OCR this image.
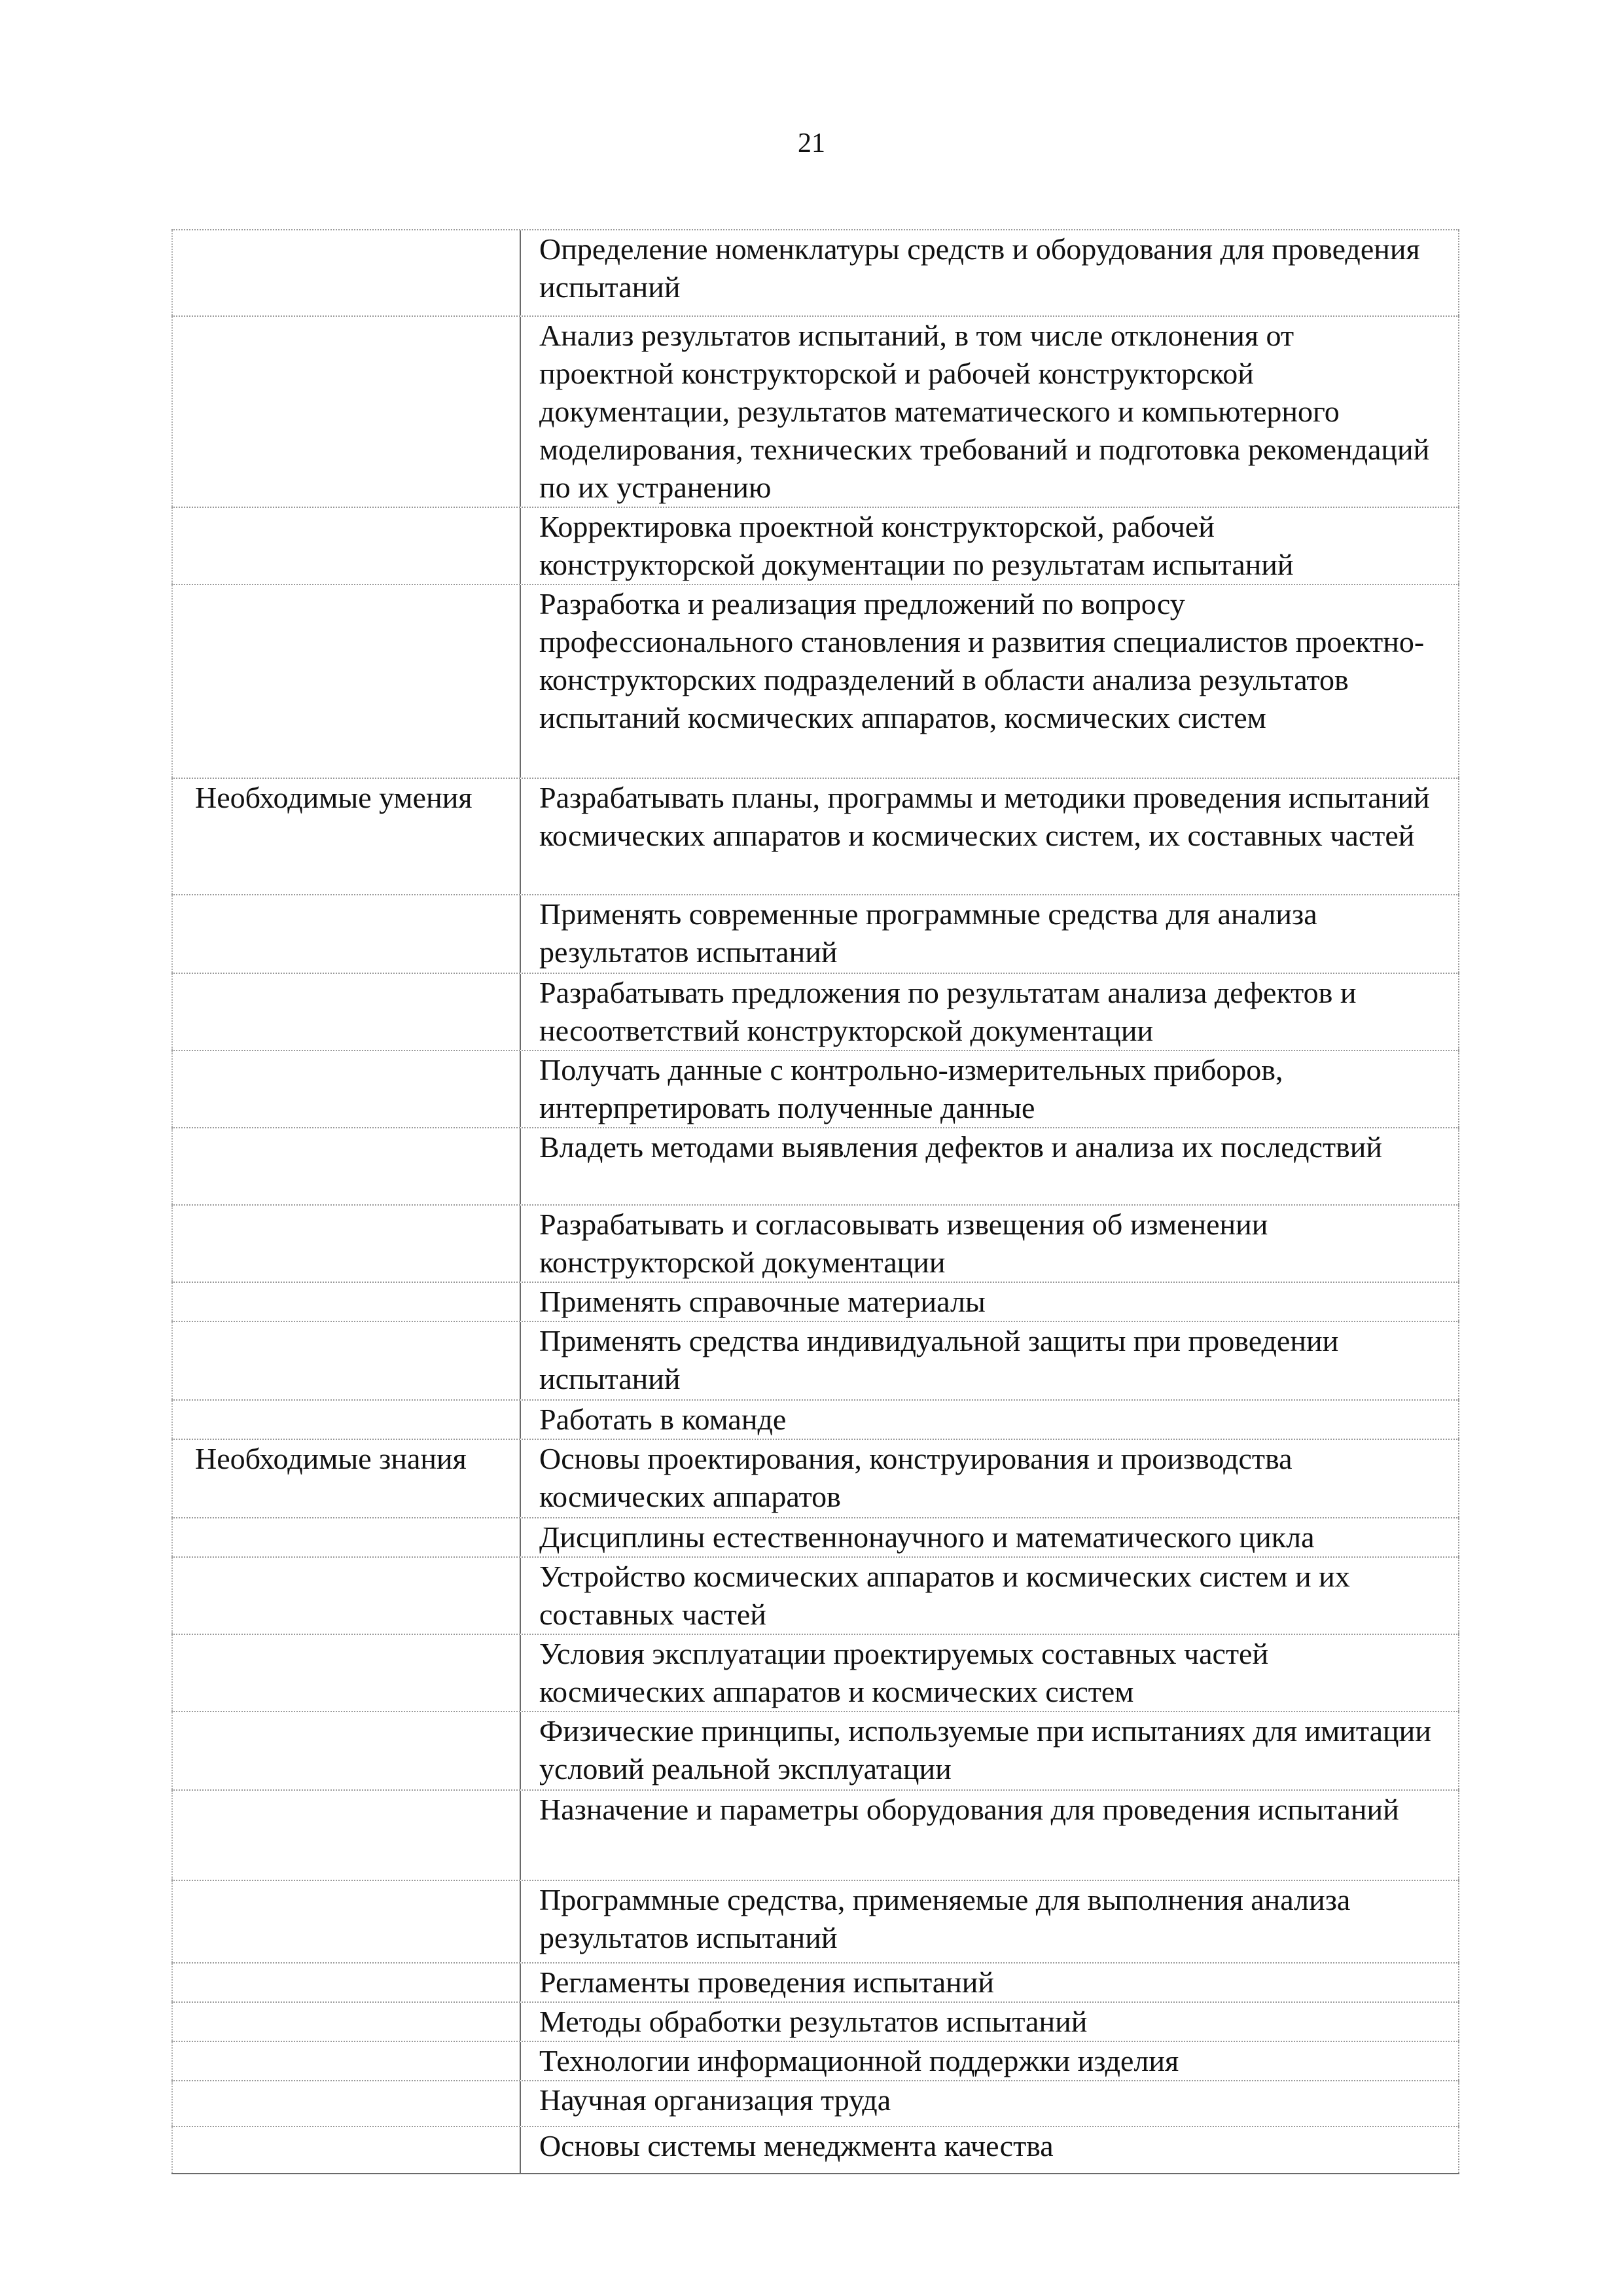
21
Определение номенклатуры средств и оборудования для проведения испытаний
Анализ результатов испытаний, в том числе отклонения от проектной конструкторской и рабочей конструкторской документации, результатов математического и компьютерного моделирования, технических требований и подготовка рекомендаций по их устранению
Корректировка проектной конструкторской, рабочей конструкторской документации по результатам испытаний
Разработка и реализация предложений по вопросу профессионального становления и развития специалистов проектно-конструкторских подразделений в области анализа результатов испытаний космических аппаратов, космических систем
Необходимые умения	Разрабатывать планы, программы и методики проведения испытаний космических аппаратов и космических систем, их составных частей
Применять современные программные средства для анализа результатов испытаний
Разрабатывать предложения по результатам анализа дефектов и несоответствий конструкторской документации
Получать данные с контрольно-измерительных приборов, интерпретировать полученные данные
Владеть методами выявления дефектов и анализа их последствий
Разрабатывать и согласовывать извещения об изменении конструкторской документации
Применять справочные материалы
Применять средства индивидуальной защиты при проведении испытаний
Работать в команде
Необходимые знания	Основы проектирования, конструирования и производства космических аппаратов
Дисциплины естественнонаучного и математического цикла
Устройство космических аппаратов и космических систем и их составных частей
Условия эксплуатации проектируемых составных частей космических аппаратов и космических систем
Физические принципы, используемые при испытаниях для имитации условий реальной эксплуатации
Назначение и параметры оборудования для проведения испытаний
Программные средства, применяемые для выполнения анализа результатов испытаний
Регламенты проведения испытаний
Методы обработки результатов испытаний
Технологии информационной поддержки изделия
Научная организация труда
Основы системы менеджмента качества
